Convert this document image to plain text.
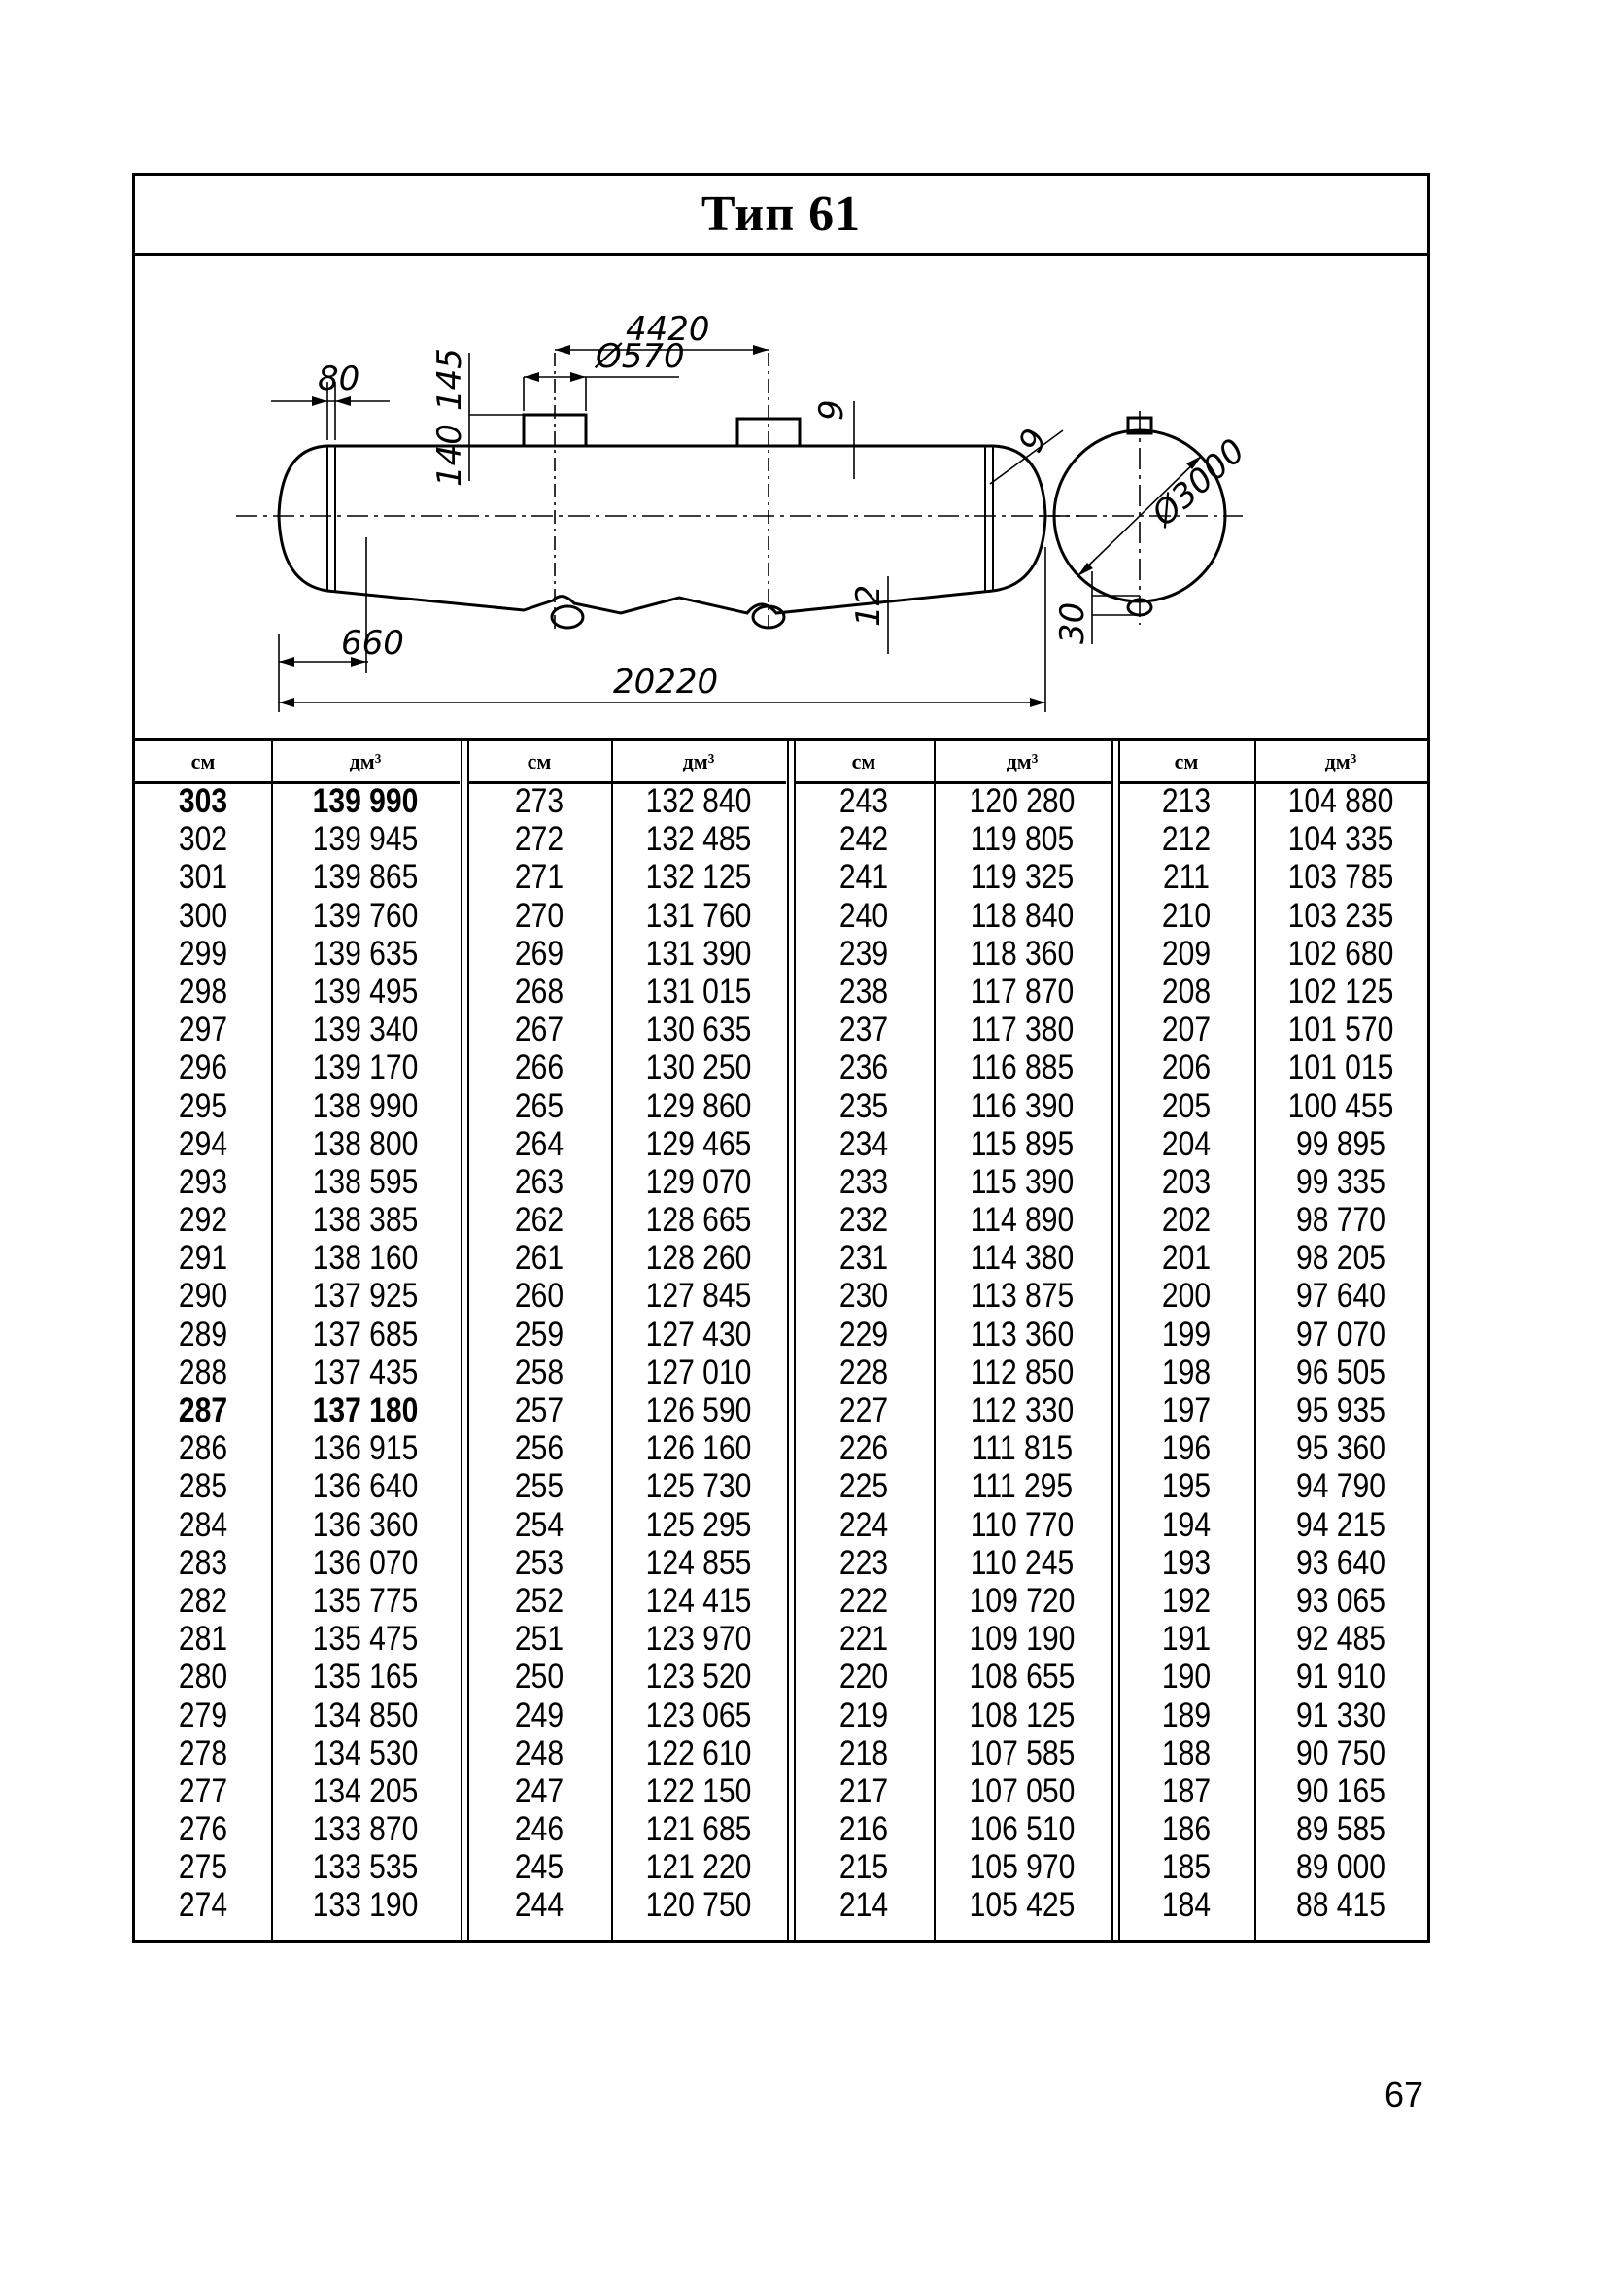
Тип 61
4420
Ø570
80 145
140
9
9
12
660
20220
Ø3000
30
см
303
302
301
300
299
298
297
296
295
294
293
292
291
290
289
288
287
286
285
284
283
282
281
280
279
278
277
276
275
274
дм³
139 990
139 945
139 865
139 760
139 635
139 495
139 340
139 170
138 990
138 800
138 595
138 385
138 160
137 925
137 685
137 435
137 180
136 915
136 640
136 360
136 070
135 775
135 475
135 165
134 850
134 530
134 205
133 870
133 535
133 190
см
273
272
271
270
269
268
267
266
265
264
263
262
261
260
259
258
257
256
255
254
253
252
251
250
249
248
247
246
245
244
дм³
132 840
132 485
132 125
131 760
131 390
131 015
130 635
130 250
129 860
129 465
129 070
128 665
128 260
127 845
127 430
127 010
126 590
126 160
125 730
125 295
124 855
124 415
123 970
123 520
123 065
122 610
122 150
121 685
121 220
120 750
см
243
242
241
240
239
238
237
236
235
234
233
232
231
230
229
228
227
226
225
224
223
222
221
220
219
218
217
216
215
214
дм³
120 280
119 805
119 325
118 840
118 360
117 870
117 380
116 885
116 390
115 895
115 390
114 890
114 380
113 875
113 360
112 850
112 330
111 815
111 295
110 770
110 245
109 720
109 190
108 655
108 125
107 585
107 050
106 510
105 970
105 425
см
213
212
211
210
209
208
207
206
205
204
203
202
201
200
199
198
197
196
195
194
193
192
191
190
189
188
187
186
185
184
дм³
104 880
104 335
103 785
103 235
102 680
102 125
101 570
101 015
100 455
99 895
99 335
98 770
98 205
97 640
97 070
96 505
95 935
95 360
94 790
94 215
93 640
93 065
92 485
91 910
91 330
90 750
90 165
89 585
89 000
88 415
67
